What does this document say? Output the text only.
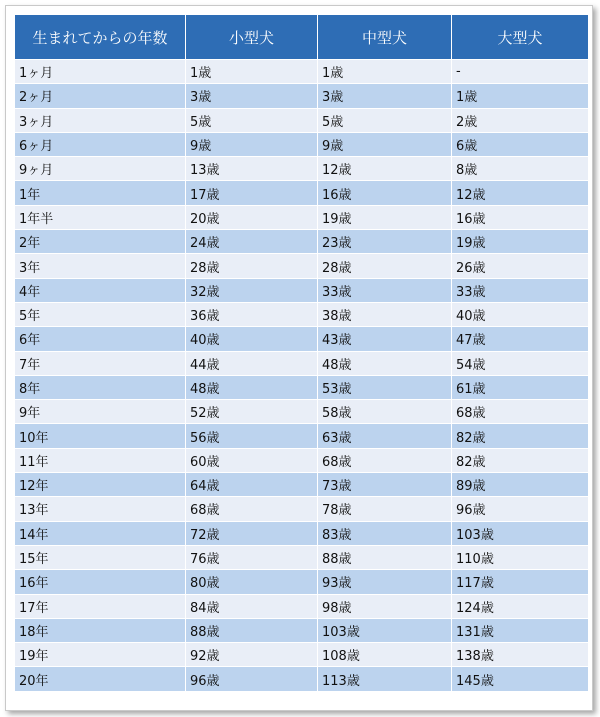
生まれてからの年数	小型犬	中型犬	大型犬
1ヶ月	1歳	1歳	-
2ヶ月	3歳	3歳	1歳
3ヶ月	5歳	5歳	2歳
6ヶ月	9歳	9歳	6歳
9ヶ月	13歳	12歳	8歳
1年	17歳	16歳	12歳
1年半	20歳	19歳	16歳
2年	24歳	23歳	19歳
3年	28歳	28歳	26歳
4年	32歳	33歳	33歳
5年	36歳	38歳	40歳
6年	40歳	43歳	47歳
7年	44歳	48歳	54歳
8年	48歳	53歳	61歳
9年	52歳	58歳	68歳
10年	56歳	63歳	82歳
11年	60歳	68歳	82歳
12年	64歳	73歳	89歳
13年	68歳	78歳	96歳
14年	72歳	83歳	103歳
15年	76歳	88歳	110歳
16年	80歳	93歳	117歳
17年	84歳	98歳	124歳
18年	88歳	103歳	131歳
19年	92歳	108歳	138歳
20年	96歳	113歳	145歳
